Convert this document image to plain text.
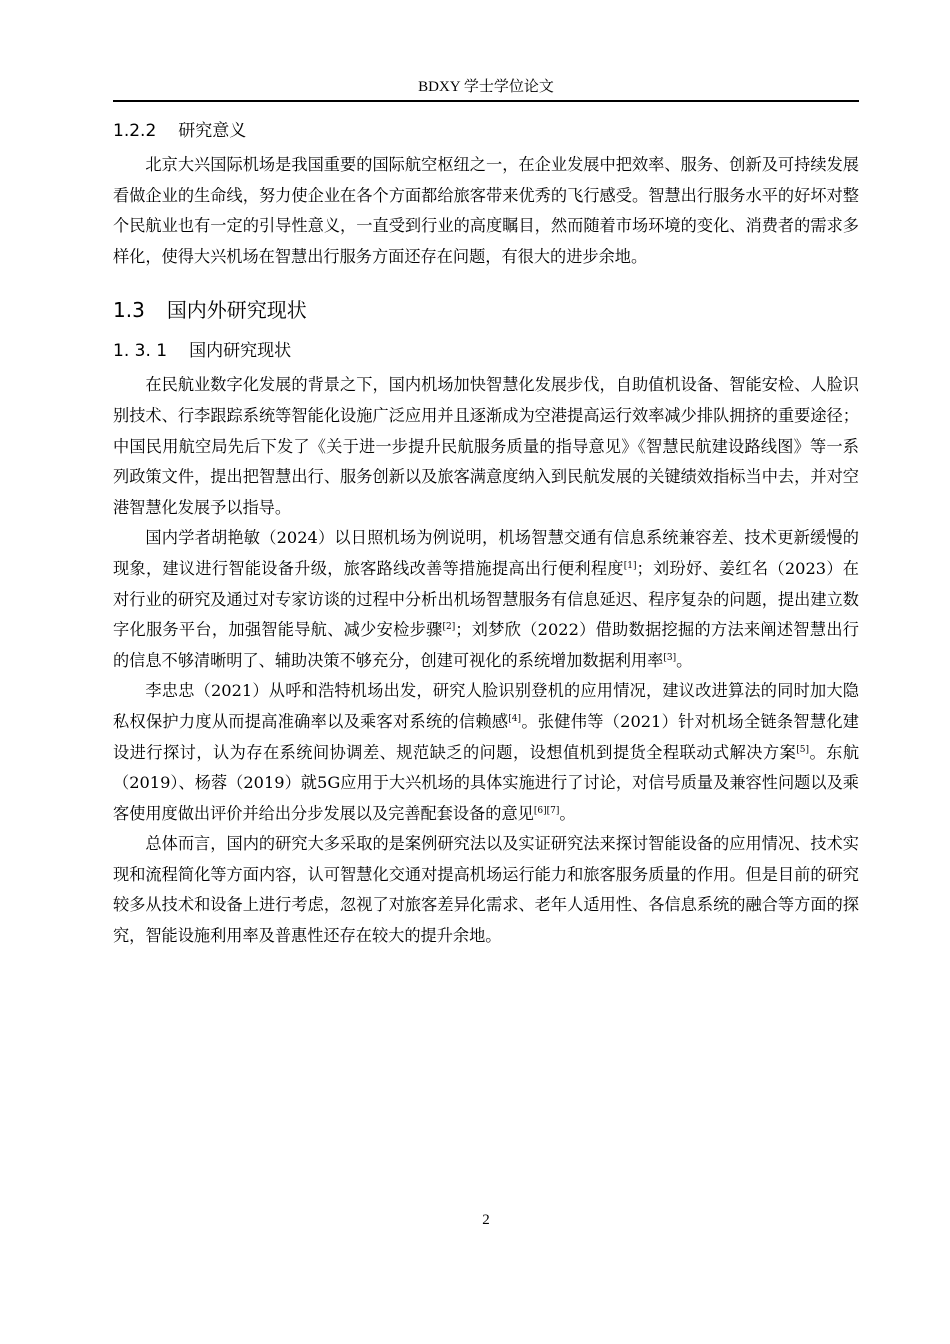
BDXY 学士学位论文
1.2.2 研究意义

北京大兴国际机场是我国重要的国际航空枢纽之一，在企业发展中把效率、服务、创新及可持续发展看做企业的生命线，努力使企业在各个方面都给旅客带来优秀的飞行感受。智慧出行服务水平的好坏对整个民航业也有一定的引导性意义，一直受到行业的高度瞩目，然而随着市场环境的变化、消费者的需求多样化，使得大兴机场在智慧出行服务方面还存在问题，有很大的进步余地。

1.3 国内外研究现状
1. 3. 1 国内研究现状

在民航业数字化发展的背景之下，国内机场加快智慧化发展步伐，自助值机设备、智能安检、人脸识别技术、行李跟踪系统等智能化设施广泛应用并且逐渐成为空港提高运行效率减少排队拥挤的重要途径；中国民用航空局先后下发了《关于进一步提升民航服务质量的指导意见》《智慧民航建设路线图》等一系列政策文件，提出把智慧出行、服务创新以及旅客满意度纳入到民航发展的关键绩效指标当中去，并对空港智慧化发展予以指导。

国内学者胡艳敏（2024）以日照机场为例说明，机场智慧交通有信息系统兼容差、技术更新缓慢的现象，建议进行智能设备升级，旅客路线改善等措施提高出行便利程度[1]；刘玢妤、姜红名（2023）在对行业的研究及通过对专家访谈的过程中分析出机场智慧服务有信息延迟、程序复杂的问题，提出建立数字化服务平台，加强智能导航、减少安检步骤[2]；刘梦欣（2022）借助数据挖掘的方法来阐述智慧出行的信息不够清晰明了、辅助决策不够充分，创建可视化的系统增加数据利用率[3]。

李忠忠（2021）从呼和浩特机场出发，研究人脸识别登机的应用情况，建议改进算法的同时加大隐私权保护力度从而提高准确率以及乘客对系统的信赖感[4]。张健伟等（2021）针对机场全链条智慧化建设进行探讨，认为存在系统间协调差、规范缺乏的问题，设想值机到提货全程联动式解决方案[5]。东航（2019）、杨蓉（2019）就5G应用于大兴机场的具体实施进行了讨论，对信号质量及兼容性问题以及乘客使用度做出评价并给出分步发展以及完善配套设备的意见[6][7]。

总体而言，国内的研究大多采取的是案例研究法以及实证研究法来探讨智能设备的应用情况、技术实现和流程简化等方面内容，认可智慧化交通对提高机场运行能力和旅客服务质量的作用。但是目前的研究较多从技术和设备上进行考虑，忽视了对旅客差异化需求、老年人适用性、各信息系统的融合等方面的探究，智能设施利用率及普惠性还存在较大的提升余地。

2
